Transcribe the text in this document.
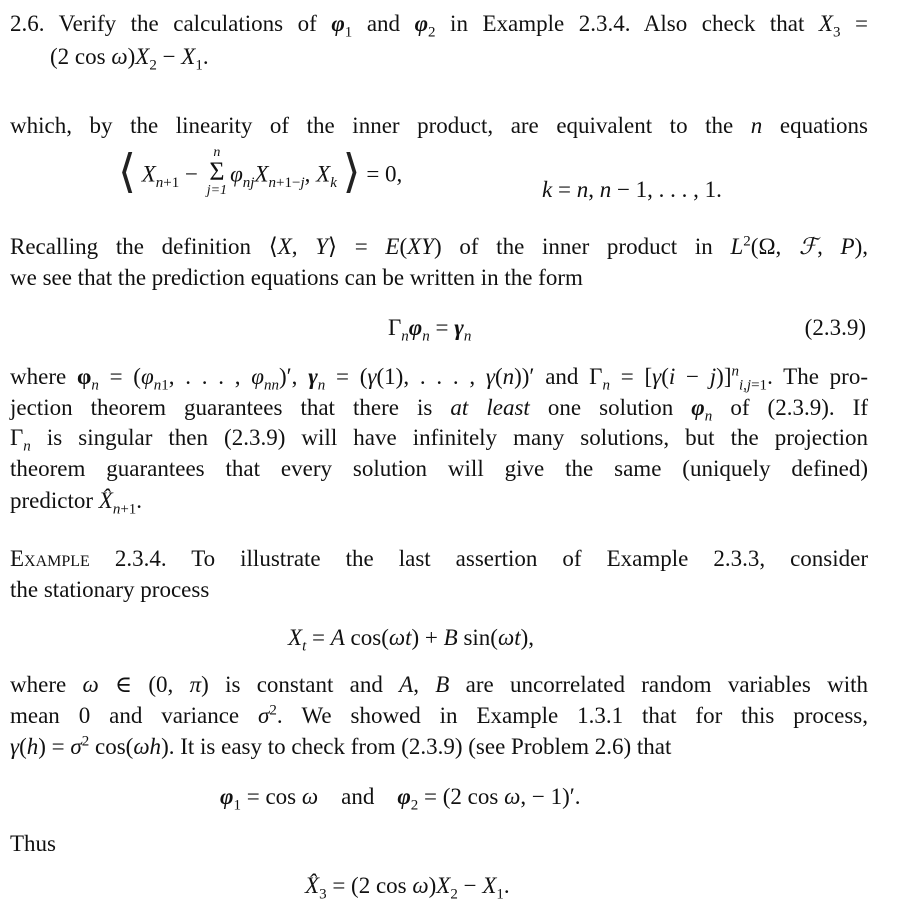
2.6. Verify the calculations of $\varphi_1$ and $\varphi_2$ in Example 2.3.4. Also check that $X_3$ =
(2 $\cos \omega)X_2 - X_1$.
which, by the linearity of the inner product, are equivalent to the n equations
⟨ $X_{n+1}$ −
n
Σ
j=1
$\varphi_{nj}X_{n+1-j}$, $X_k$ ⟩ = 0,
k = n, n − 1, . . . , 1.
Recalling the definition ⟨X, Y⟩ = E(XY) of the inner product in $L^2(\Omega$, ℱ, P),
we see that the prediction equations can be written in the form
$\Gamma_n\varphi_n = \gamma_n$	(2.3.9)
where $\varphi_n = (\varphi_{n1}$, . . . , $\varphi_{nn})'$, $\gamma_n = (\gamma(1)$, . . . , γ(n))′ and $\Gamma_n = [\gamma(i - j)]^n_{i,j=1}$. The pro-
jection theorem guarantees that there is at least one solution $\varphi_n$ of (2.3.9). If
$\Gamma_n$ is singular then (2.3.9) will have infinitely many solutions, but the projection
theorem guarantees that every solution will give the same (uniquely defined)
predictor $X̂_{n+1}$.
Example 2.3.4. To illustrate the last assertion of Example 2.3.3, consider
the stationary process
$X_t = A$ cos(ωt) + B sin(ωt),
where ω ∈ (0, π) is constant and A, B are uncorrelated random variables with
mean 0 and variance $\sigma^2$. We showed in Example 1.3.1 that for this process,
$\gamma(h) = \sigma^2$ cos(ωh). It is easy to check from (2.3.9) (see Problem 2.6) that
$\varphi_1 = \cos \omega$    and    $\varphi_2 = (2$ cos ω, − 1)′.
Thus
$X̂_3 = (2$ $\cos \omega)X_2 - X_1$.
